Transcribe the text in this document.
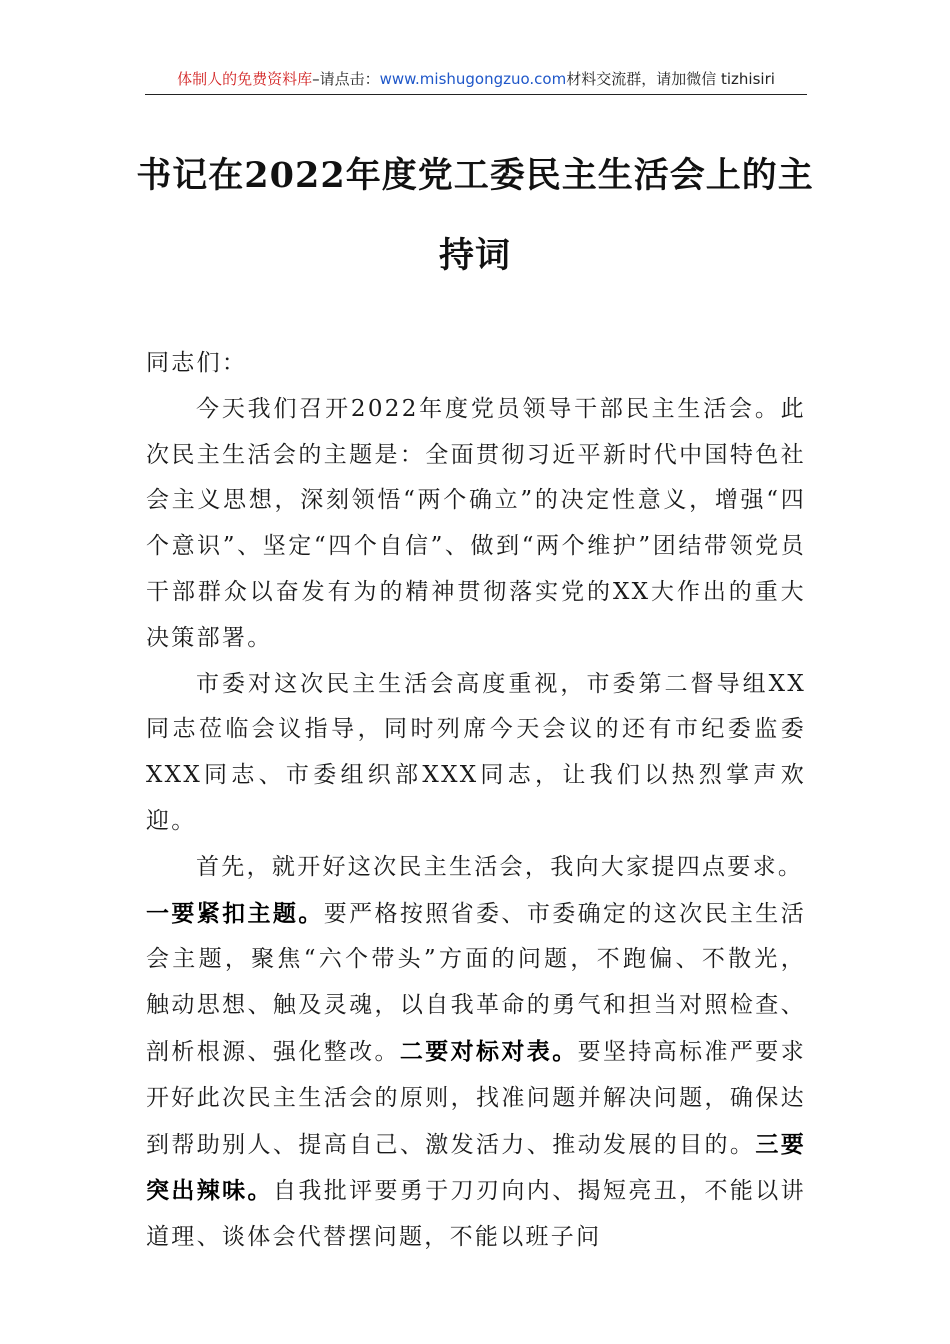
体制人的免费资料库–请点击：www.mishugongzuo.com材料交流群，请加微信 tizhisiri
书记在2022年度党工委民主生活会上的主
持词

同志们：

今天我们召开2022年度党员领导干部民主生活会。此次民主生活会的主题是：全面贯彻习近平新时代中国特色社会主义思想，深刻领悟“两个确立”的决定性意义，增强“四个意识”、坚定“四个自信”、做到“两个维护”团结带领党员干部群众以奋发有为的精神贯彻落实党的XX大作出的重大决策部署。

市委对这次民主生活会高度重视，市委第二督导组XX同志莅临会议指导，同时列席今天会议的还有市纪委监委XXX同志、市委组织部XXX同志，让我们以热烈掌声欢迎。

首先，就开好这次民主生活会，我向大家提四点要求。

一要紧扣主题。要严格按照省委、市委确定的这次民主生活会主题，聚焦“六个带头”方面的问题，不跑偏、不散光，触动思想、触及灵魂，以自我革命的勇气和担当对照检查、剖析根源、强化整改。二要对标对表。要坚持高标准严要求开好此次民主生活会的原则，找准问题并解决问题，确保达到帮助别人、提高自己、激发活力、推动发展的目的。三要突出辣味。自我批评要勇于刀刃向内、揭短亮丑，不能以讲道理、谈体会代替摆问题，不能以班子问
